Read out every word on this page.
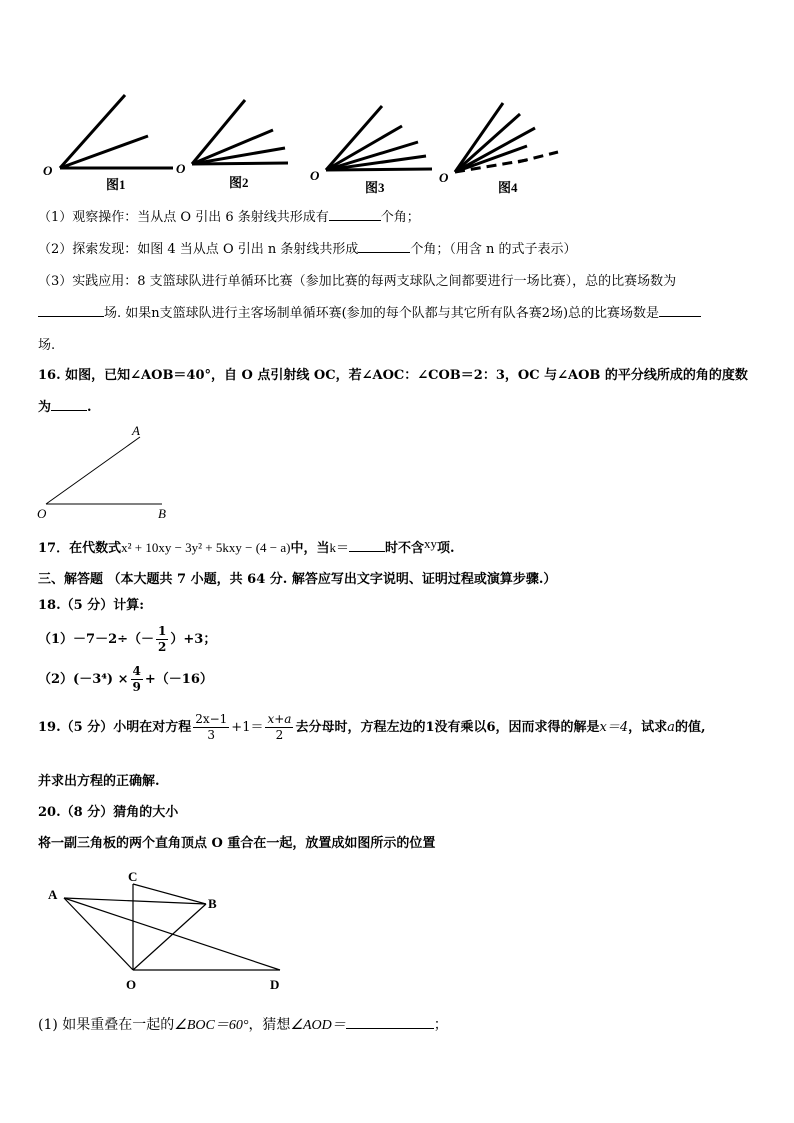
O
图1
O
图2	O
图3
O
图4
（1）观察操作：当从点 O 引出 6 条射线共形成有	个角；
（2）探索发现：如图 4 当从点 O 引出 n 条射线共形成	个角；（用含 n 的式子表示）
（3）实践应用：8 支篮球队进行单循环比赛（参加比赛的每两支球队之间都要进行一场比赛），总的比赛场数为
场. 如果n支篮球队进行主客场制单循环赛(参加的每个队都与其它所有队各赛2场)总的比赛场数是
场.
16. 如图，已知∠AOB＝40°，自 O 点引射线 OC，若∠AOC：∠COB＝2：3，OC 与∠AOB 的平分线所成的角的度数
为	.
A
O	B
17．在代数式x² + 10xy − 3y² + 5kxy − (4 − a)中，当k＝	时不含xy项.
三、解答题 （本大题共 7 小题，共 64 分. 解答应写出文字说明、证明过程或演算步骤.）
18.（5 分）计算:
$(1)-7-2\div(- \frac{1}{2} )+3$；
$(2)(-3^4) \times \frac{4}{9} +(-16)$
19.（5 分）小明在对方程 $\frac{2x-1}{3} +1= \frac{x+a}{2}$ 去分母时，方程左边的1没有乘以6，因而求得的解是x＝4，试求a的值,
并求出方程的正确解.
20.（8 分）猜角的大小
将一副三角板的两个直角顶点 O 重合在一起，放置成如图所示的位置
A
C
B
O	D
(1) 如果重叠在一起的∠BOC＝60°，猜想∠AOD＝	；
